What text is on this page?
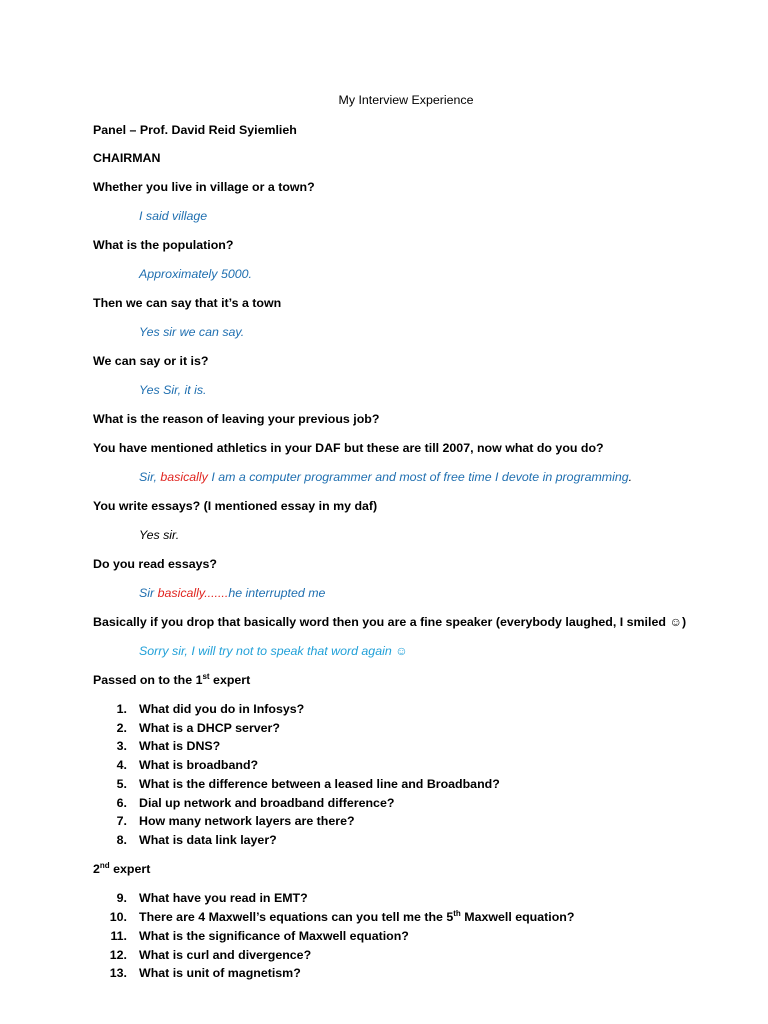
My Interview Experience
Panel – Prof. David Reid Syiemlieh
CHAIRMAN
Whether you live in village or a town?
I said village
What is the population?
Approximately 5000.
Then we can say that it’s a town
Yes sir we can say.
We can say or it is?
Yes Sir, it is.
What is the reason of leaving your previous job?
You have mentioned athletics in your DAF but these are till 2007, now what do you do?
Sir, basically I am a computer programmer and most of free time I devote in programming.
You write essays? (I mentioned essay in my daf)
Yes sir.
Do you read essays?
Sir basically.......he interrupted me
Basically if you drop that basically word then you are a fine speaker (everybody laughed, I smiled ☺)
Sorry sir, I will try not to speak that word again ☺
Passed on to the 1st expert
1. What did you do in Infosys?
2. What is a DHCP server?
3. What is DNS?
4. What is broadband?
5. What is the difference between a leased line and Broadband?
6. Dial up network and broadband difference?
7. How many network layers are there?
8. What is data link layer?
2nd expert
9. What have you read in EMT?
10. There are 4 Maxwell’s equations can you tell me the 5th Maxwell equation?
11. What is the significance of Maxwell equation?
12. What is curl and divergence?
13. What is unit of magnetism?
